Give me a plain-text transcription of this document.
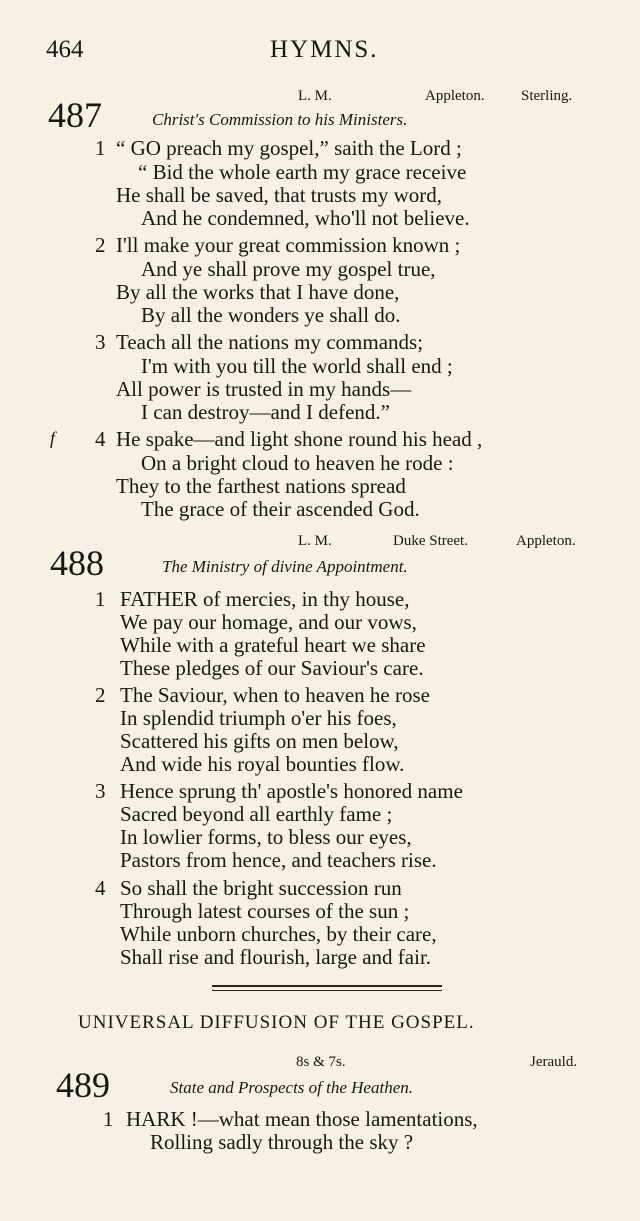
464	HYMNS.
L. M.	Appleton. Sterling.
487	Christ's Commission to his Ministers.
1 “ GO preach my gospel,” saith the Lord ;
“ Bid the whole earth my grace receive
He shall be saved, that trusts my word,
And he condemned, who'll not believe.
2 I'll make your great commission known ;
And ye shall prove my gospel true,
By all the works that I have done,
By all the wonders ye shall do.
3 Teach all the nations my commands;
I'm with you till the world shall end ;
All power is trusted in my hands—
I can destroy—and I defend.”
f 4 He spake—and light shone round his head ,
On a bright cloud to heaven he rode :
They to the farthest nations spread
The grace of their ascended God.
L. M.	Duke Street.	Appleton.
488	The Ministry of divine Appointment.
1 FATHER of mercies, in thy house,
We pay our homage, and our vows,
While with a grateful heart we share
These pledges of our Saviour's care.
2 The Saviour, when to heaven he rose
In splendid triumph o'er his foes,
Scattered his gifts on men below,
And wide his royal bounties flow.
3 Hence sprung th' apostle's honored name
Sacred beyond all earthly fame ;
In lowlier forms, to bless our eyes,
Pastors from hence, and teachers rise.
4 So shall the bright succession run
Through latest courses of the sun ;
While unborn churches, by their care,
Shall rise and flourish, large and fair.
UNIVERSAL DIFFUSION OF THE GOSPEL.
8s & 7s.	Jerauld.
489	State and Prospects of the Heathen.
1 HARK !—what mean those lamentations,
Rolling sadly through the sky ?
